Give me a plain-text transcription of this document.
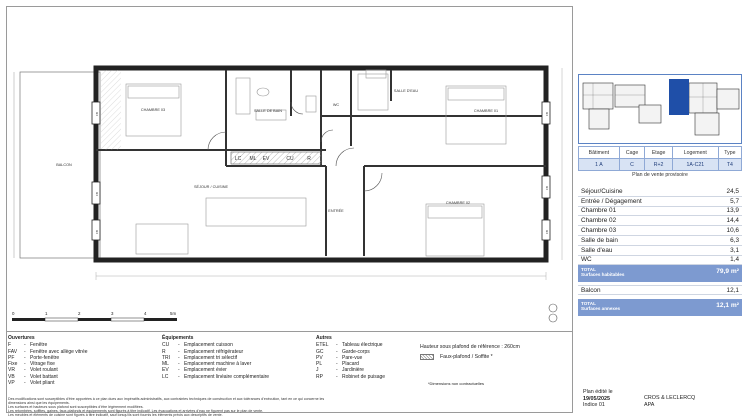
0	1	2	3	4	5m
CHAMBRE 03	SALLE DE BAIN
WC
SALLE D'EAU
CHAMBRE 01
SÉJOUR / CUISINE
CHAMBRE 02
ENTRÉE
BALCON
LC ML EV	CU	R
FB
FB
FB
FB
FB
FB
Ouvertures
F	- Fenêtre
FAV	- Fenêtre avec allège vitrée
PF	- Porte-fenêtre
Fixe	- Vitrage fixe
VR	- Volet roulant
VB	- Volet battant
VP	- Volet pliant
Équipements
CU	- Emplacement cuisson
R	- Emplacement réfrigérateur
TRI	- Emplacement tri sélectif
ML	- Emplacement machine à laver
EV	- Emplacement évier
LC	- Emplacement linéaire complémentaire
Autres
ETEL	- Tableau électrique
GC	- Garde-corps
PV	- Pare-vue
PL	- Placard
J	- Jardinière
RP	- Robinet de puisage
Hauteur sous plafond de référence : 260cm
Faux-plafond / Soffite *
*Dimensions non contractuelles
Des modifications sont susceptibles d'être apportées à ce plan dues aux impératifs administratifs, aux contraintes techniques de construction et aux tolérances d'exécution, tant en ce qui concerne les dimensions ainsi que les équipements.
Les surfaces et hauteurs sous plafond sont susceptibles d'être légèrement modifiées.
Les retombées, soffites, gaines, faux-plafonds et équipements sont figurés à titre indicatif. Les évacuations et arrivées d'eau ne figurent pas sur le plan de vente.
Les meubles et éléments de cuisine sont figurés à titre indicatif, sauf lorsqu'ils sont fournis les éléments précis aux descriptifs de vente.
Bâtiment	Cage	Etage	Logement	Type
1 A	C	R+2	1A-C21	T4
Plan de vente provisoire
Séjour/Cuisine	24,5
Entrée / Dégagement	5,7
Chambre 01	13,9
Chambre 02	14,4
Chambre 03	10,6
Salle de bain	6,3
Salle d'eau	3,1
WC	1,4
TOTAL
Surfaces habitables	79,9 m²
Balcon	12,1
TOTAL
Surfaces annexes	12,1 m²
Plan édité le
19/05/2025
Indice 01
CROS & LECLERCQ
APA
